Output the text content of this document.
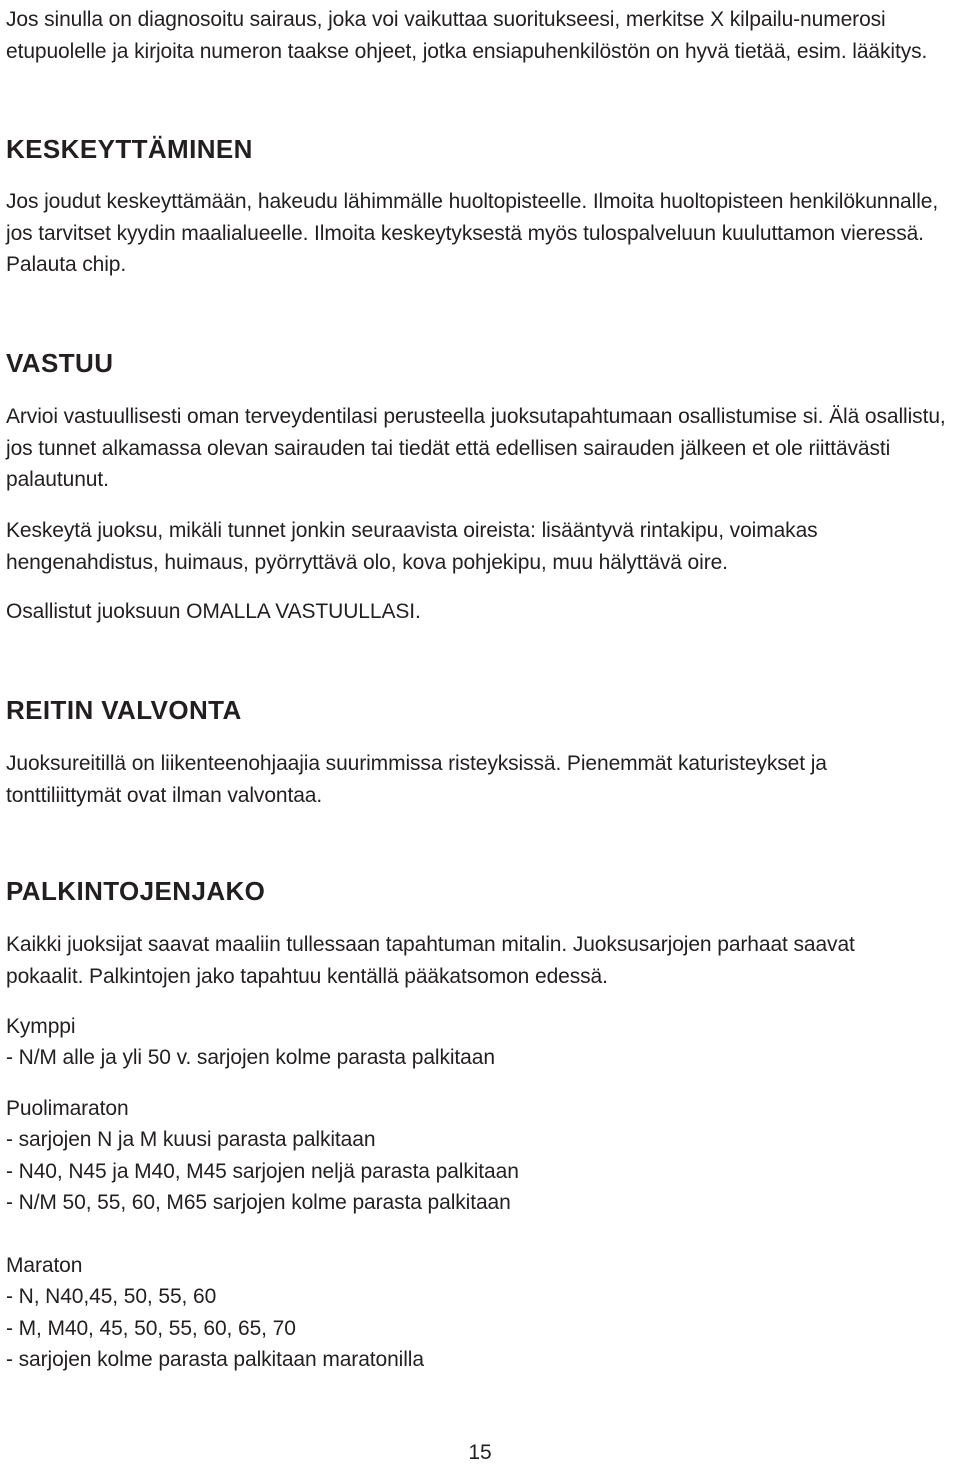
Jos sinulla on diagnosoitu sairaus, joka voi vaikuttaa suoritukseesi, merkitse X kilpailu-numerosi etupuolelle ja kirjoita numeron taakse ohjeet, jotka ensiapuhenkilöstön on hyvä tietää, esim. lääkitys.

KESKEYTTÄMINEN

Jos joudut keskeyttämään, hakeudu lähimmälle huoltopisteelle. Ilmoita huoltopisteen henkilökunnalle, jos tarvitset kyydin maalialueelle. Ilmoita keskeytyksestä myös tulospalveluun kuuluttamon vieressä. Palauta chip.

VASTUU

Arvioi vastuullisesti oman terveydentilasi perusteella juoksutapahtumaan osallistumise si. Älä osallistu, jos tunnet alkamassa olevan sairauden tai tiedät että edellisen sairauden jälkeen et ole riittävästi palautunut.

Keskeytä juoksu, mikäli tunnet jonkin seuraavista oireista: lisääntyvä rintakipu, voimakas hengenahdistus, huimaus, pyörryttävä olo, kova pohjekipu, muu hälyttävä oire.

Osallistut juoksuun OMALLA VASTUULLASI.

REITIN VALVONTA

Juoksureitillä on liikenteenohjaajia suurimmissa risteyksissä. Pienemmät katuristeykset ja tonttiliittymät ovat ilman valvontaa.

PALKINTOJENJAKO

Kaikki juoksijat saavat maaliin tullessaan tapahtuman mitalin. Juoksusarjojen parhaat saavat pokaalit. Palkintojen jako tapahtuu kentällä pääkatsomon edessä.

Kymppi

- N/M alle ja yli 50 v. sarjojen kolme parasta palkitaan

Puolimaraton

- sarjojen N ja M kuusi parasta palkitaan

- N40, N45 ja M40, M45 sarjojen neljä parasta palkitaan

- N/M 50, 55, 60, M65 sarjojen kolme parasta palkitaan

Maraton

- N, N40,45, 50, 55, 60

- M, M40, 45, 50, 55, 60, 65, 70

- sarjojen kolme parasta palkitaan maratonilla

15
